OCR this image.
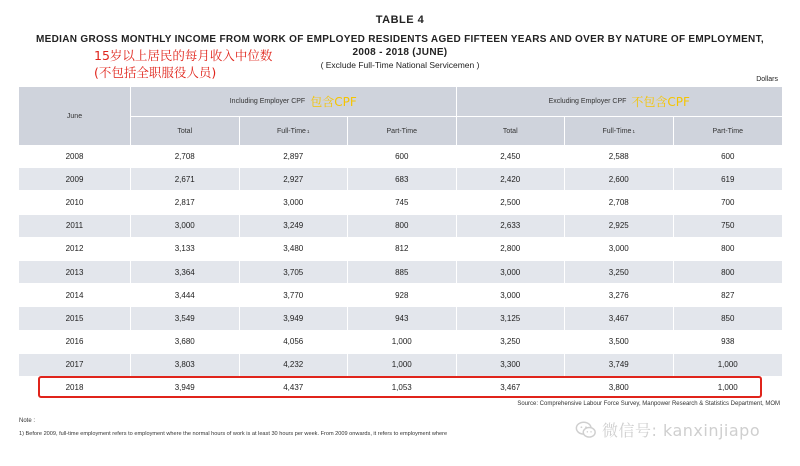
TABLE 4
MEDIAN GROSS MONTHLY INCOME FROM WORK OF EMPLOYED RESIDENTS AGED FIFTEEN YEARS AND OVER BY NATURE OF EMPLOYMENT,
2008 - 2018 (JUNE)
( Exclude Full-Time National Servicemen )
15岁以上居民的每月收入中位数
(不包括全职服役人员)	Dollars
June
Including Employer CPF 包含CPF	Excluding Employer CPF 不包含CPF
Total	Full-Time 1	Part-Time	Total	Full-Time 1	Part-Time
2008	2,708	2,897	600	2,450	2,588	600
2009	2,671	2,927	683	2,420	2,600	619
2010	2,817	3,000	745	2,500	2,708	700
2011	3,000	3,249	800	2,633	2,925	750
2012	3,133	3,480	812	2,800	3,000	800
2013	3,364	3,705	885	3,000	3,250	800
2014	3,444	3,770	928	3,000	3,276	827
2015	3,549	3,949	943	3,125	3,467	850
2016	3,680	4,056	1,000	3,250	3,500	938
2017	3,803	4,232	1,000	3,300	3,749	1,000
2018	3,949	4,437	1,053	3,467	3,800	1,000
Source: Comprehensive Labour Force Survey, Manpower Research & Statistics Department, MOM
Note :
1) Before 2009, full-time employment refers to employment where the normal hours of work is at least 30 hours per week. From 2009 onwards, it refers to employment where	微信号: kanxinjiapo
